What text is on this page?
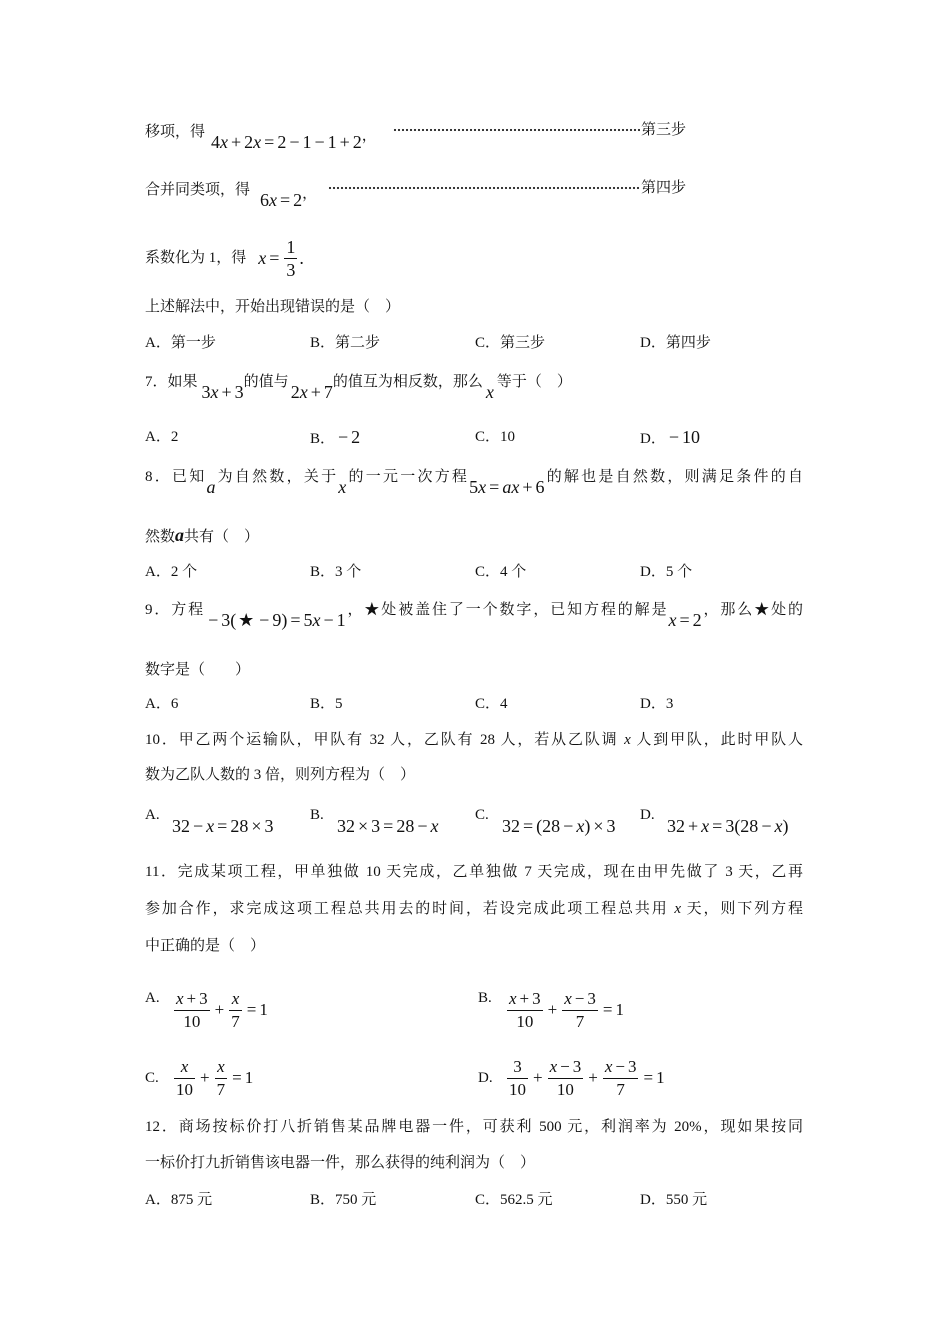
移项，得 4x + 2x = 2 − 1 − 1 + 2，	第三步
合并同类项，得 6x = 2，	第四步
系数化为 1，得 $x = \frac{1}{3}$ .
上述解法中，开始出现错误的是（　）
A．第一步	B．第二步	C．第三步	D．第四步
7．如果 3x + 3的值与 2x + 7的值互为相反数，那么 x 等于（　）
A．2	B． − 2	C．10	D． − 10
8．已知a为自然数，关于x的一元一次方程5x = ax + 6的解也是自然数，则满足条件的自
然数a共有（　）
A．2 个	B．3 个	C．4 个	D．5 个
9．方程 − 3(★ − 9) = 5x − 1，★处被盖住了一个数字，已知方程的解是x = 2，那么★处的
数字是（　　）
A．6	B．5	C．4	D．3
10．甲乙两个运输队，甲队有 32 人，乙队有 28 人，若从乙队调 x 人到甲队，此时甲队人
数为乙队人数的 3 倍，则列方程为（　）
A.
32 − x = 28 × 3
B.
32 × 3 = 28 − x
C.
32 = (28 − x) × 3
D.
32 + x = 3(28 − x)
11．完成某项工程，甲单独做 10 天完成，乙单独做 7 天完成，现在由甲先做了 3 天，乙再
参加合作，求完成这项工程总共用去的时间，若设完成此项工程总共用 x 天，则下列方程
中正确的是（　）
A. $\frac{x + 3}{10} + \frac{x}{7} = 1$
B. $\frac{x + 3}{10} + \frac{x - 3}{7} = 1$
C. $\frac{x}{10} + \frac{x}{7} = 1$	D. $\frac{3}{10} + \frac{x - 3}{10} + \frac{x - 3}{7} = 1$
12．商场按标价打八折销售某品牌电器一件，可获利 500 元，利润率为 20%，现如果按同
一标价打九折销售该电器一件，那么获得的纯利润为（　）
A．875 元	B．750 元	C．562.5 元	D．550 元
